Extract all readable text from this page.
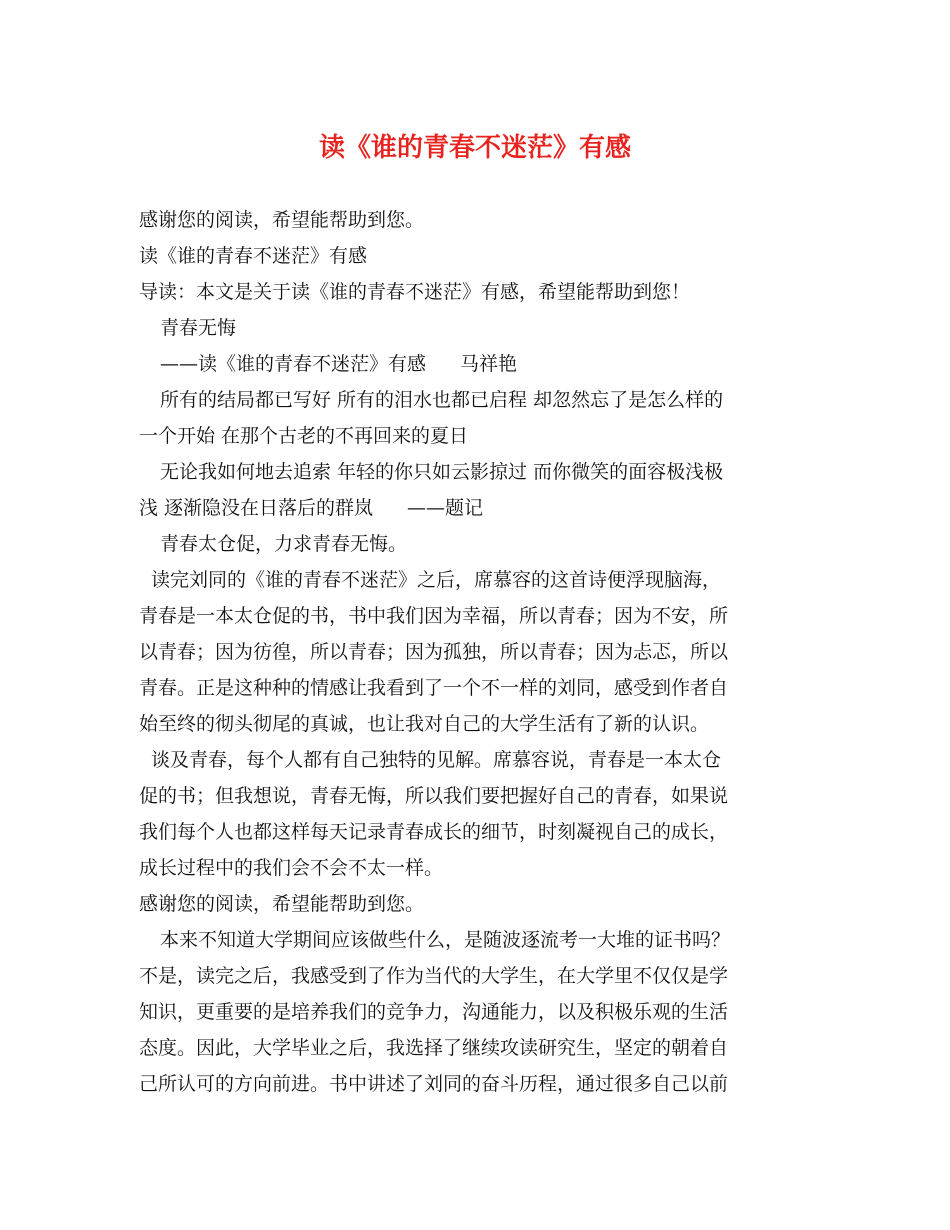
读《谁的青春不迷茫》有感
感谢您的阅读，希望能帮助到您。
读《谁的青春不迷茫》有感
导读：本文是关于读《谁的青春不迷茫》有感，希望能帮助到您！
青春无悔
——读《谁的青春不迷茫》有感 马祥艳
所有的结局都已写好 所有的泪水也都已启程 却忽然忘了是怎么样的
一个开始 在那个古老的不再回来的夏日
无论我如何地去追索 年轻的你只如云影掠过 而你微笑的面容极浅极
浅 逐渐隐没在日落后的群岚 ——题记
青春太仓促，力求青春无悔。
读完刘同的《谁的青春不迷茫》之后，席慕容的这首诗便浮现脑海，
青春是一本太仓促的书，书中我们因为幸福，所以青春；因为不安，所
以青春；因为彷徨，所以青春；因为孤独，所以青春；因为忐忑，所以
青春。正是这种种的情感让我看到了一个不一样的刘同，感受到作者自
始至终的彻头彻尾的真诚，也让我对自己的大学生活有了新的认识。
谈及青春，每个人都有自己独特的见解。席慕容说，青春是一本太仓
促的书；但我想说，青春无悔，所以我们要把握好自己的青春，如果说
我们每个人也都这样每天记录青春成长的细节，时刻凝视自己的成长，
成长过程中的我们会不会不太一样。
感谢您的阅读，希望能帮助到您。
本来不知道大学期间应该做些什么，是随波逐流考一大堆的证书吗？
不是，读完之后，我感受到了作为当代的大学生，在大学里不仅仅是学
知识，更重要的是培养我们的竞争力，沟通能力，以及积极乐观的生活
态度。因此，大学毕业之后，我选择了继续攻读研究生，坚定的朝着自
己所认可的方向前进。书中讲述了刘同的奋斗历程，通过很多自己以前
